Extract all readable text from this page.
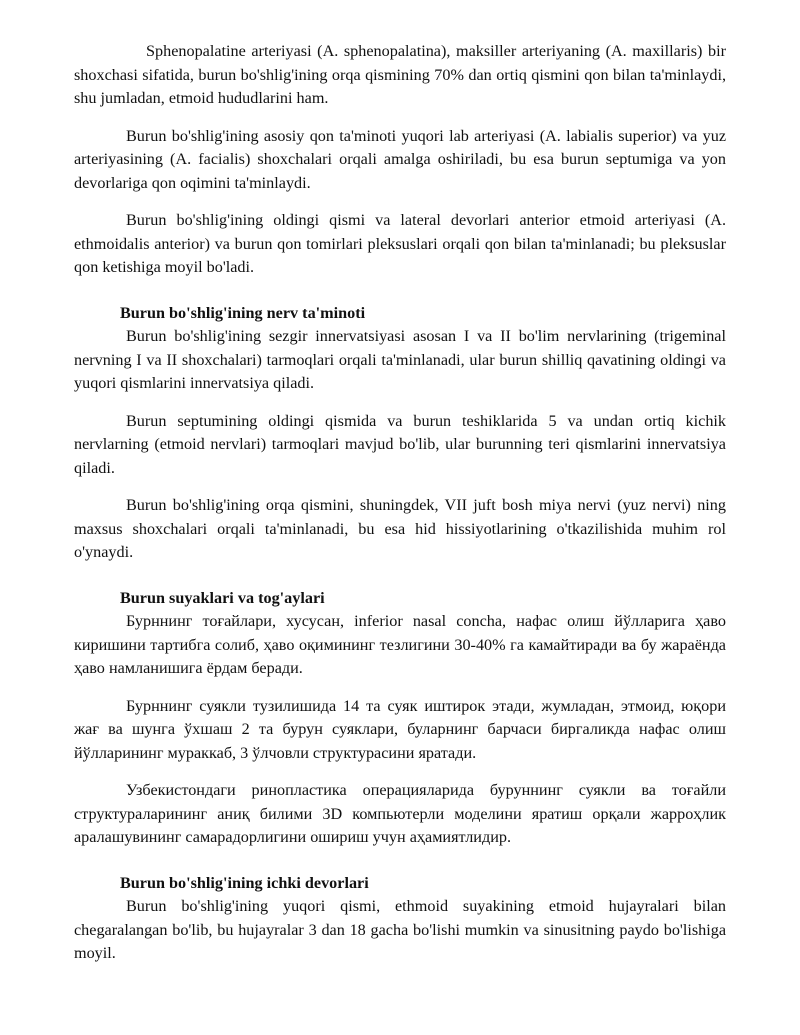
Sphenopalatine arteriyasi (A. sphenopalatina), maksiller arteriyaning (A. maxillaris) bir shoxchasi sifatida, burun bo'shlig'ining orqa qismining 70% dan ortiq qismini qon bilan ta'minlaydi, shu jumladan, etmoid hududlarini ham.

Burun bo'shlig'ining asosiy qon ta'minoti yuqori lab arteriyasi (A. labialis superior) va yuz arteriyasining (A. facialis) shoxchalari orqali amalga oshiriladi, bu esa burun septumiga va yon devorlariga qon oqimini ta'minlaydi.

Burun bo'shlig'ining oldingi qismi va lateral devorlari anterior etmoid arteriyasi (A. ethmoidalis anterior) va burun qon tomirlari pleksuslari orqali qon bilan ta'minlanadi; bu pleksuslar qon ketishiga moyil bo'ladi.

Burun bo'shlig'ining nerv ta'minoti

Burun bo'shlig'ining sezgir innervatsiyasi asosan I va II bo'lim nervlarining (trigeminal nervning I va II shoxchalari) tarmoqlari orqali ta'minlanadi, ular burun shilliq qavatining oldingi va yuqori qismlarini innervatsiya qiladi.

Burun septumining oldingi qismida va burun teshiklarida 5 va undan ortiq kichik nervlarning (etmoid nervlari) tarmoqlari mavjud bo'lib, ular burunning teri qismlarini innervatsiya qiladi.

Burun bo'shlig'ining orqa qismini, shuningdek, VII juft bosh miya nervi (yuz nervi) ning maxsus shoxchalari orqali ta'minlanadi, bu esa hid hissiyotlarining o'tkazilishida muhim rol o'ynaydi.

Burun suyaklari va tog'aylari

Бурннинг тоғайлари, хусусан, inferior nasal concha, нафас олиш йўлларига ҳаво киришини тартибга солиб, ҳаво оқимининг тезлигини 30-40% га камайтиради ва бу жараёнда ҳаво намланишига ёрдам беради.

Бурннинг суякли тузилишида 14 та суяк иштирок этади, жумладан, этмоид, юқори жағ ва шунга ўхшаш 2 та бурун суяклари, буларнинг барчаси биргаликда нафас олиш йўлларининг мураккаб, 3 ўлчовли структурасини яратади.

Узбекистондаги ринопластика операцияларида буруннинг суякли ва тоғайли структураларининг аниқ билими 3D компьютерли моделини яратиш орқали жарроҳлик аралашувининг самарадорлигини ошириш учун аҳамиятлидир.

Burun bo'shlig'ining ichki devorlari

Burun bo'shlig'ining yuqori qismi, ethmoid suyakining etmoid hujayralari bilan chegaralangan bo'lib, bu hujayralar 3 dan 18 gacha bo'lishi mumkin va sinusitning paydo bo'lishiga moyil.
